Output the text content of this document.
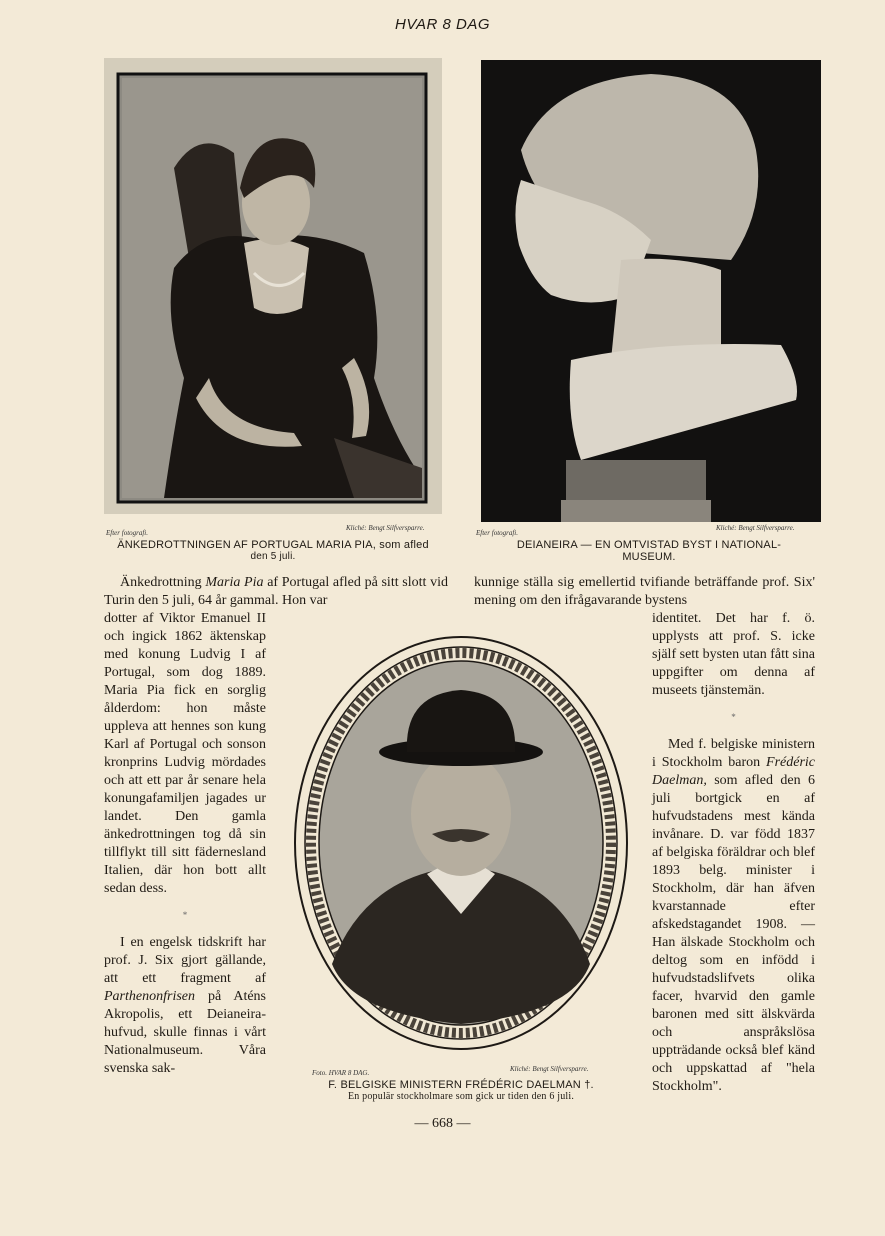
HVAR 8 DAG
Efter fotografi.
Kliché: Bengt Silfversparre.
ÄNKEDROTTNINGEN AF PORTUGAL MARIA PIA, som afled
den 5 juli.
Efter fotografi.
Kliché: Bengt Silfversparre.
DEIANEIRA — EN OMTVISTAD BYST I NATIONAL-
MUSEUM.
Foto. HVAR 8 DAG.	Kliché: Bengt Silfversparre.
F. BELGISKE MINISTERN FRÉDÉRIC DAELMAN †.
En populär stockholmare som gick ur tiden den 6 juli.

Änkedrottning Maria Pia af Portugal afled på sitt slott vid Turin den 5 juli, 64 år gammal. Hon var

dotter af Viktor Emanuel II och ingick 1862 äktenskap med konung Ludvig I af Portugal, som dog 1889. Maria Pia fick en sorglig ålderdom: hon måste uppleva att hennes son kung Karl af Portugal och sonson kronprins Ludvig mördades och att ett par år senare hela konungafamiljen jagades ur landet. Den gamla änkedrottningen tog då sin tillflykt till sitt fädernesland Italien, där hon bott allt sedan dess.

*

I en engelsk tidskrift har prof. J. Six gjort gällande, att ett fragment af Parthenonfrisen på Aténs Akropolis, ett Deianeira-hufvud, skulle finnas i vårt Nationalmuseum. Våra svenska sak-

kunnige ställa sig emellertid tvifiande beträffande prof. Six' mening om den ifrågavarande bystens

identitet. Det har f. ö. upplysts att prof. S. icke själf sett bysten utan fått sina uppgifter om denna af museets tjänstemän.

*

Med f. belgiske ministern i Stockholm baron Frédéric Daelman, som afled den 6 juli bortgick en af hufvudstadens mest kända invånare. D. var född 1837 af belgiska föräldrar och blef 1893 belg. minister i Stockholm, där han äfven kvarstannade efter afskedstagandet 1908. — Han älskade Stockholm och deltog som en infödd i hufvudstadslifvets olika facer, hvarvid den gamle baronen med sitt älskvärda och anspråkslösa uppträdande också blef känd och uppskattad af "hela Stockholm".

— 668 —
